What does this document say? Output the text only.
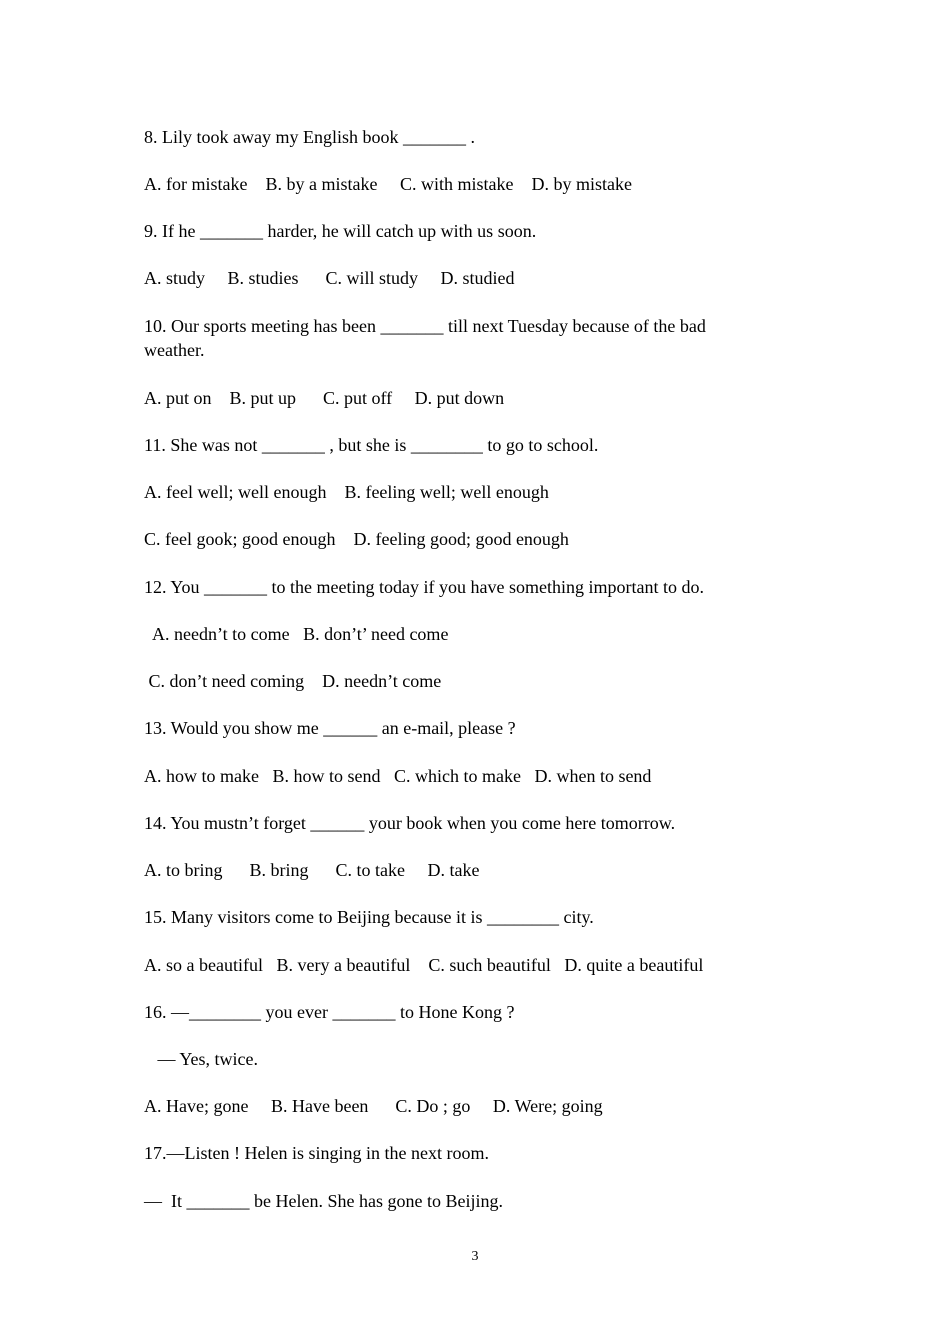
8. Lily took away my English book _______ .

A. for mistake    B. by a mistake     C. with mistake    D. by mistake

9. If he _______ harder, he will catch up with us soon.

A. study     B. studies      C. will study     D. studied

10. Our sports meeting has been _______ till next Tuesday because of the bad weather.

A. put on    B. put up      C. put off     D. put down

11. She was not _______ , but she is ________ to go to school.

A. feel well; well enough    B. feeling well; well enough

C. feel gook; good enough    D. feeling good; good enough

12. You _______ to the meeting today if you have something important to do.

A. needn’t to come   B. don’t’ need come

C. don’t need coming    D. needn’t come

13. Would you show me ______ an e-mail, please ?

A. how to make   B. how to send   C. which to make   D. when to send

14. You mustn’t forget ______ your book when you come here tomorrow.

A. to bring      B. bring      C. to take     D. take

15. Many visitors come to Beijing because it is ________ city.

A. so a beautiful   B. very a beautiful    C. such beautiful   D. quite a beautiful

16. —________ you ever _______ to Hone Kong ?

— Yes, twice.

A. Have; gone     B. Have been      C. Do ; go     D. Were; going

17.—Listen ! Helen is singing in the next room.

—  It _______ be Helen. She has gone to Beijing.

3
